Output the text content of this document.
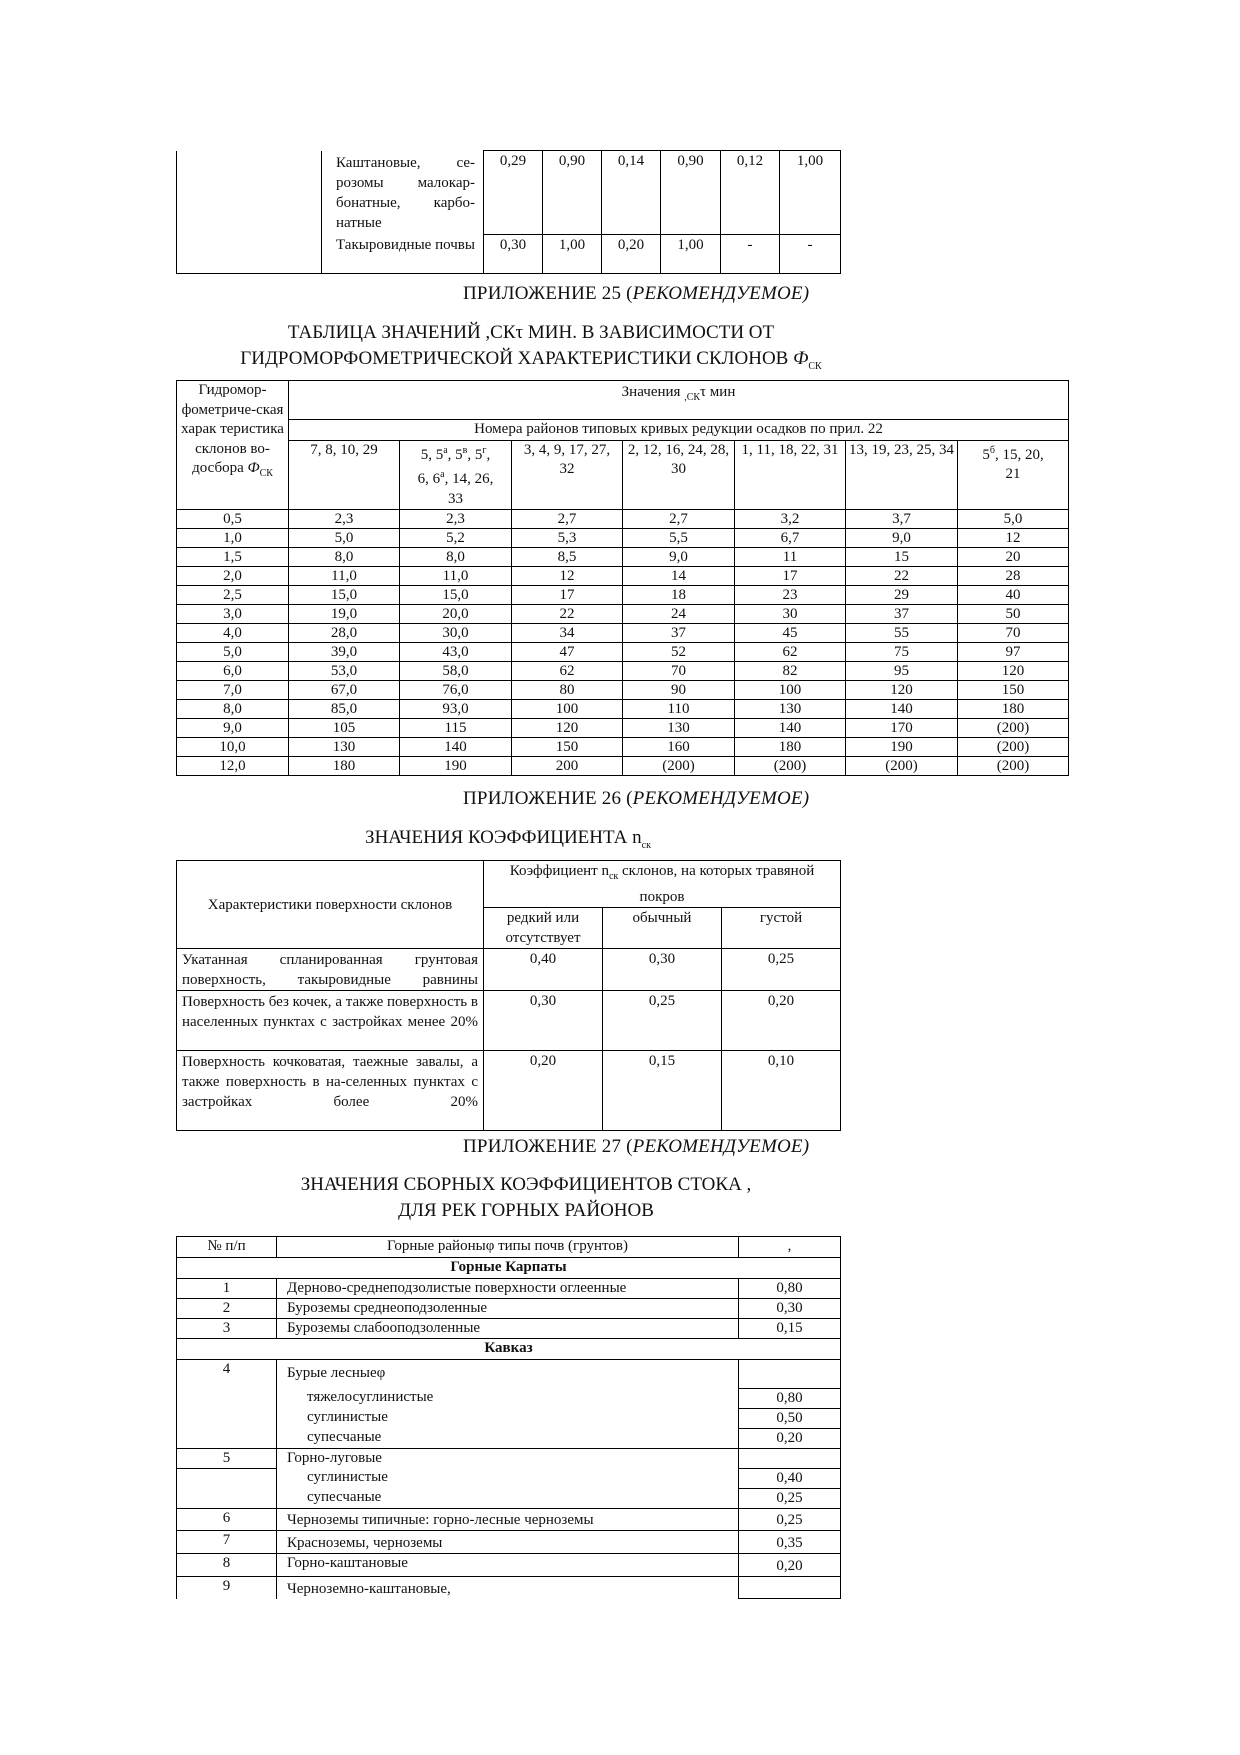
	Каштановые, се-розомы малокар-бонатные, карбо-натные	0,29	0,90	0,14	0,90	0,12	1,00
	Такыровидные почвы	0,30	1,00	0,20	1,00	-	-
ПРИЛОЖЕНИЕ 25 (РЕКОМЕНДУЕМОЕ)
ТАБЛИЦА ЗНАЧЕНИЙ ,СКτ МИН. В ЗАВИСИМОСТИ ОТ
ГИДРОМОРФОМЕТРИЧЕСКОЙ ХАРАКТЕРИСТИКИ СКЛОНОВ $Ф_{СК}$
Гидромор-фометриче-ская харак теристика склонов во-досбора $Ф_{СК}$	Значения $_{,СК}$τ мин						
	Номера районов типовых кривых редукции осадков по прил. 22						
	7, 8, 10, 29	5, $5^а$, $5^в$, $5^г$,
6, $6^а$, 14, 26,
33	3, 4, 9, 17, 27, 32	2, 12, 16, 24, 28, 30	1, 11, 18, 22, 31	13, 19, 23, 25, 34	$5^б$, 15, 20,
21
0,5	2,3	2,3	2,7	2,7	3,2	3,7	5,0
1,0	5,0	5,2	5,3	5,5	6,7	9,0	12
1,5	8,0	8,0	8,5	9,0	11	15	20
2,0	11,0	11,0	12	14	17	22	28
2,5	15,0	15,0	17	18	23	29	40
3,0	19,0	20,0	22	24	30	37	50
4,0	28,0	30,0	34	37	45	55	70
5,0	39,0	43,0	47	52	62	75	97
6,0	53,0	58,0	62	70	82	95	120
7,0	67,0	76,0	80	90	100	120	150
8,0	85,0	93,0	100	110	130	140	180
9,0	105	115	120	130	140	170	(200)
10,0	130	140	150	160	180	190	(200)
12,0	180	190	200	(200)	(200)	(200)	(200)
ПРИЛОЖЕНИЕ 26 (РЕКОМЕНДУЕМОЕ)
ЗНАЧЕНИЯ КОЭФФИЦИЕНТА $n_{ск}$
Характеристики поверхности склонов	Коэффициент $n_{ск}$ склонов, на которых травяной покров		
	редкий или отсутствует	обычный	густой
Укатанная спланированная грунтовая поверхность, такыровидные равнины	0,40	0,30	0,25
Поверхность без кочек, а также поверхность в населенных пунктах с застройках менее 20%	0,30	0,25	0,20
Поверхность кочковатая, таежные завалы, а также поверхность в на-селенных пунктах с застройках более 20%	0,20	0,15	0,10
ПРИЛОЖЕНИЕ 27 (РЕКОМЕНДУЕМОЕ)
ЗНАЧЕНИЯ СБОРНЫХ КОЭФФИЦИЕНТОВ СТОКА ,
ДЛЯ РЕК ГОРНЫХ РАЙОНОВ
№ п/п	Горные районыφ типы почв (грунтов)	,
Горные Карпаты		
1	Дерново-среднеподзолистые поверхности оглеенные	0,80
2	Буроземы среднеоподзоленные	0,30
3	Буроземы слабооподзоленные	0,15
Кавказ		
4	Бурые лесныеφ	
	тяжелосуглинистые	0,80
	суглинистые	0,50
	супесчаные	0,20
5	Горно-луговые	
	суглинистые	0,40
	супесчаные	0,25
6	Черноземы типичные: горно-лесные черноземы	0,25
7	Красноземы, черноземы	0,35
8	Горно-каштановые	0,20
9	Черноземно-каштановые,	
